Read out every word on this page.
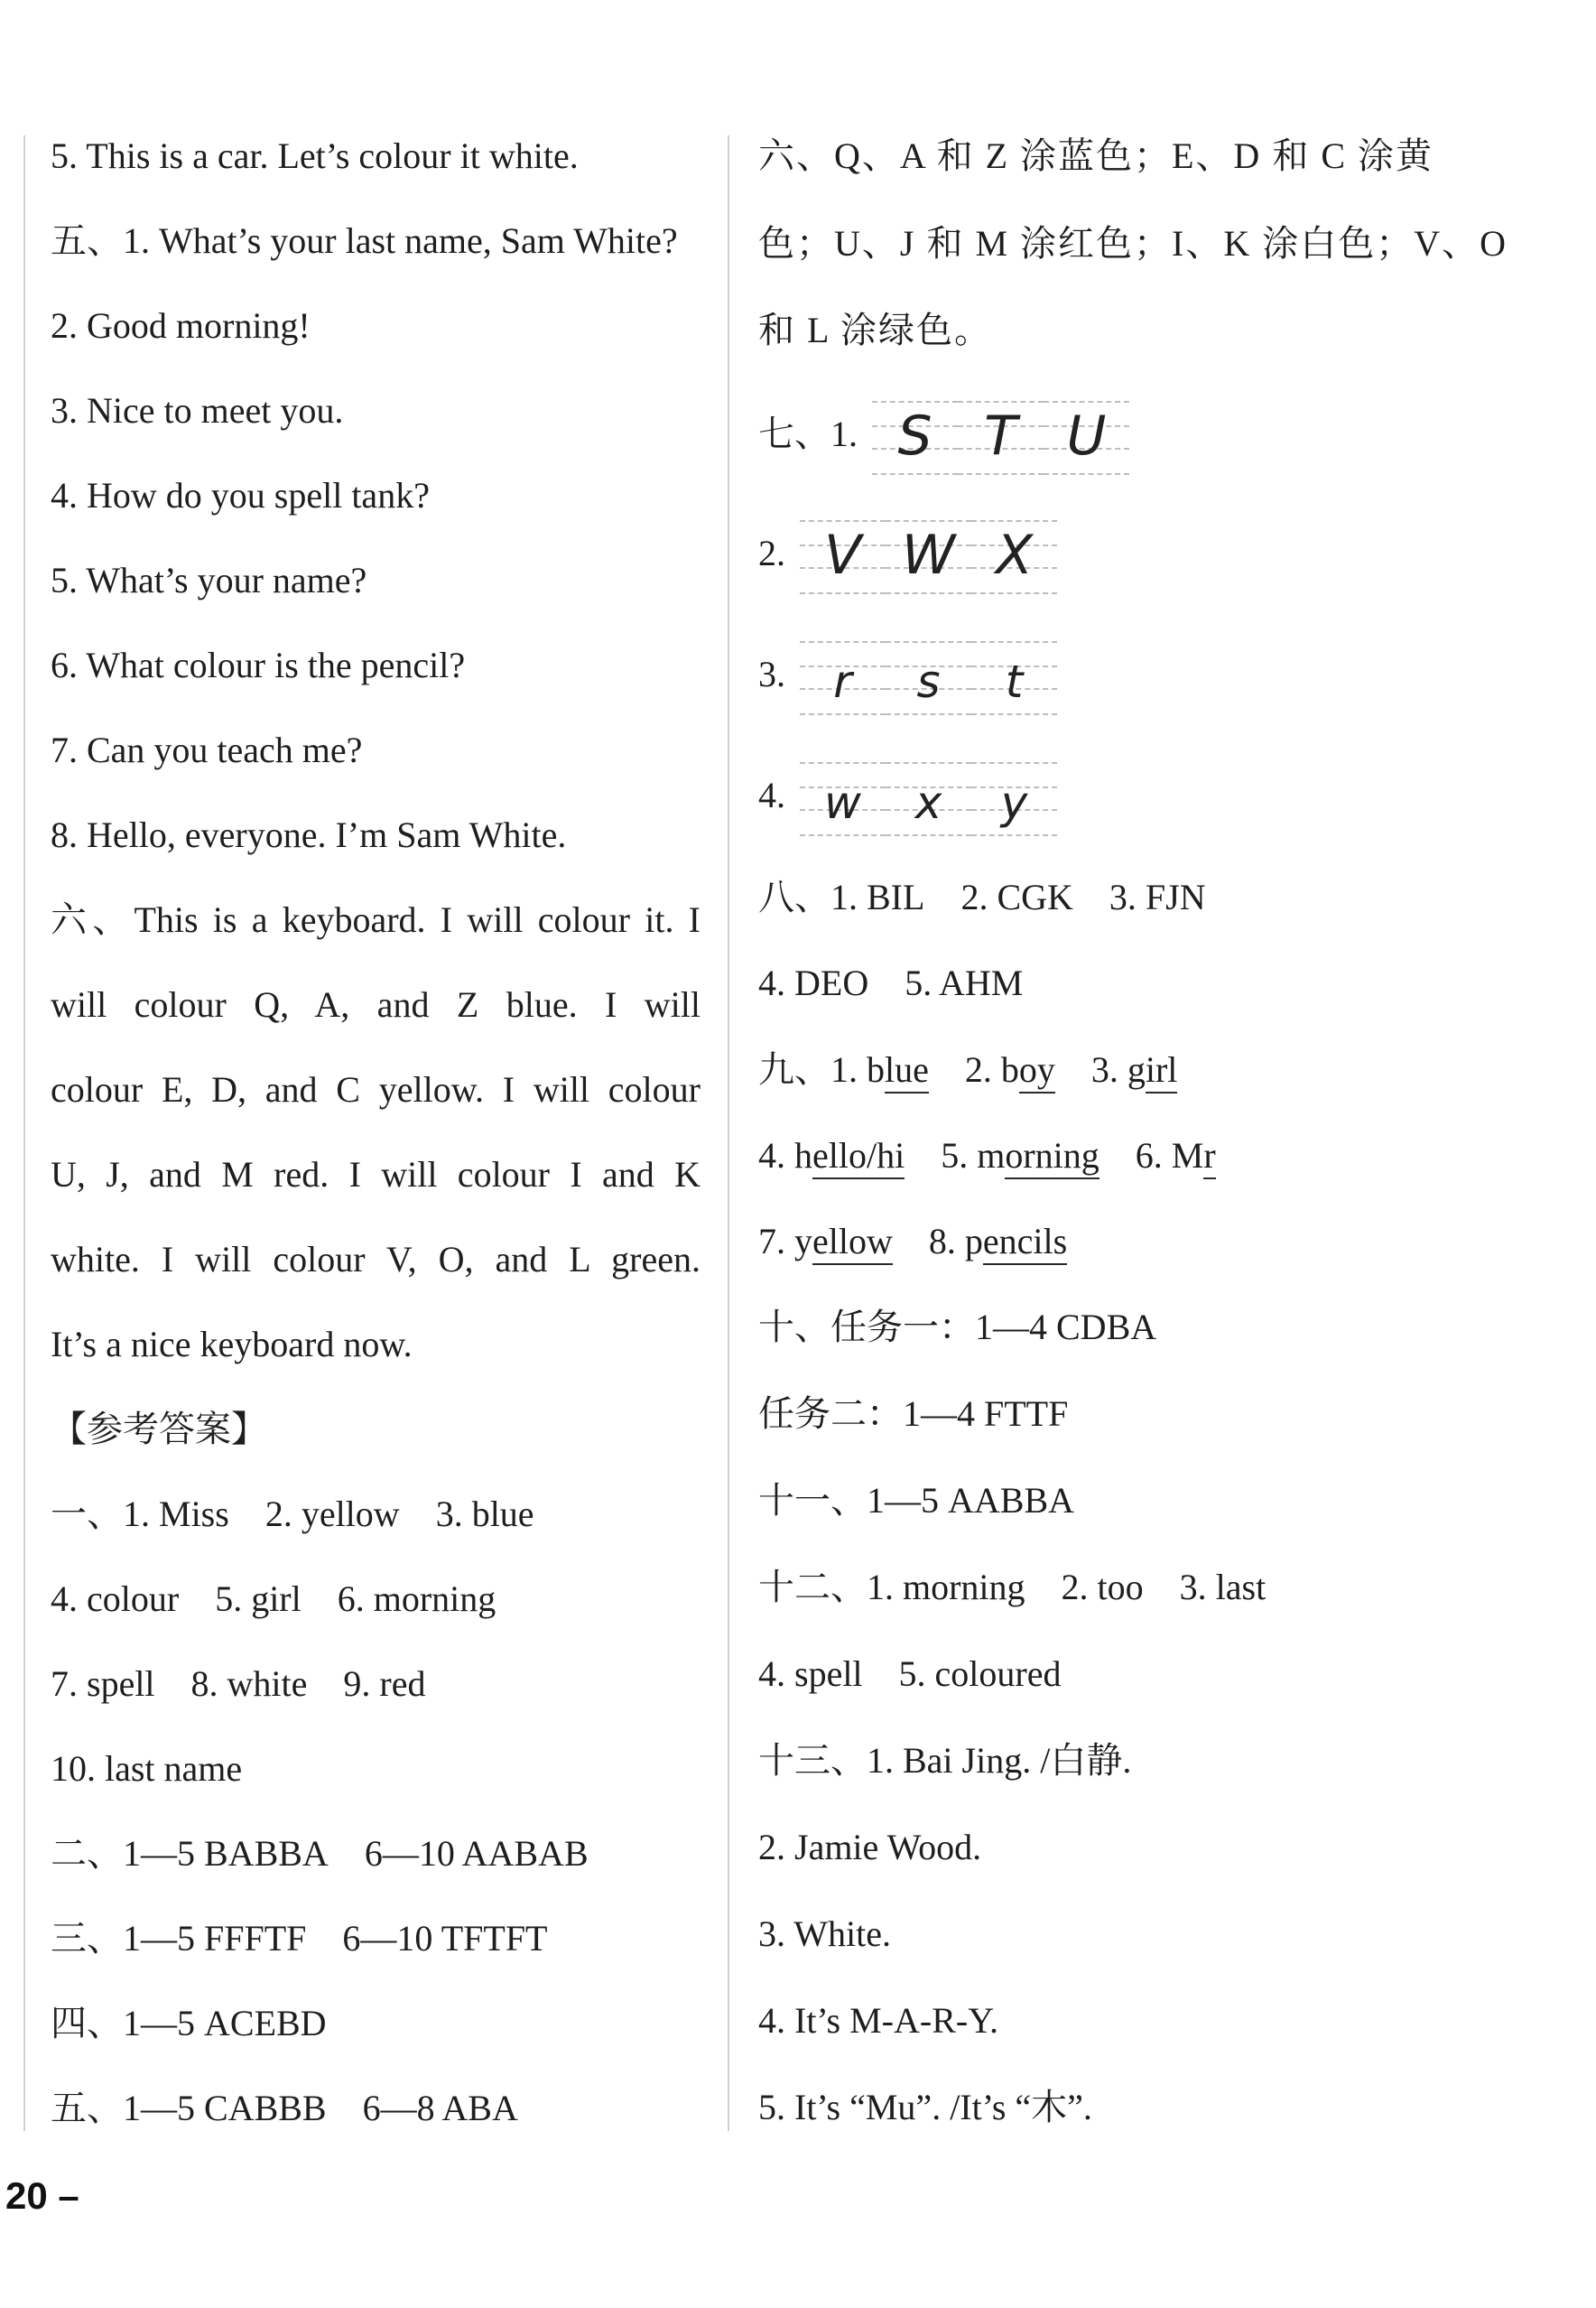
5. This is a car. Let’s colour it white.
五、1. What’s your last name, Sam White?
2. Good morning!
3. Nice to meet you.
4. How do you spell tank?
5. What’s your name?
6. What colour is the pencil?
7. Can you teach me?
8. Hello, everyone. I’m Sam White.
六、This is a keyboard. I will colour it. I
will colour Q, A, and Z blue. I will
colour E, D, and C yellow. I will colour
U, J, and M red. I will colour I and K
white. I will colour V, O, and L green.
It’s a nice keyboard now.
【参考答案】
一、1. Miss 2. yellow 3. blue
4. colour 5. girl 6. morning
7. spell 8. white 9. red
10. last name
二、1—5 BABBA 6—10 AABAB
三、1—5 FFFTF 6—10 TFTFT
四、1—5 ACEBD
五、1—5 CABBB 6—8 ABA
六、Q、A 和 Z 涂蓝色；E、D 和 C 涂黄
色；U、J 和 M 涂红色；I、K 涂白色；V、O
和 L 涂绿色。
七、1. S T U
2. V W X
3.	r	s	t
4. w	x	y
八、1. BIL 2. CGK 3. FJN
4. DEO 5. AHM
九、1. blue 2. boy 3. girl
4. hello/hi 5. morning 6. Mr
7. yellow 8. pencils
十、任务一：1—4 CDBA
任务二：1—4 FTTF
十一、1—5 AABBA
十二、1. morning 2. too 3. last
4. spell 5. coloured
十三、1. Bai Jing. /白静.
2. Jamie Wood.
3. White.
4. It’s M-A-R-Y.
5. It’s “Mu”. /It’s “木”.
20 –
